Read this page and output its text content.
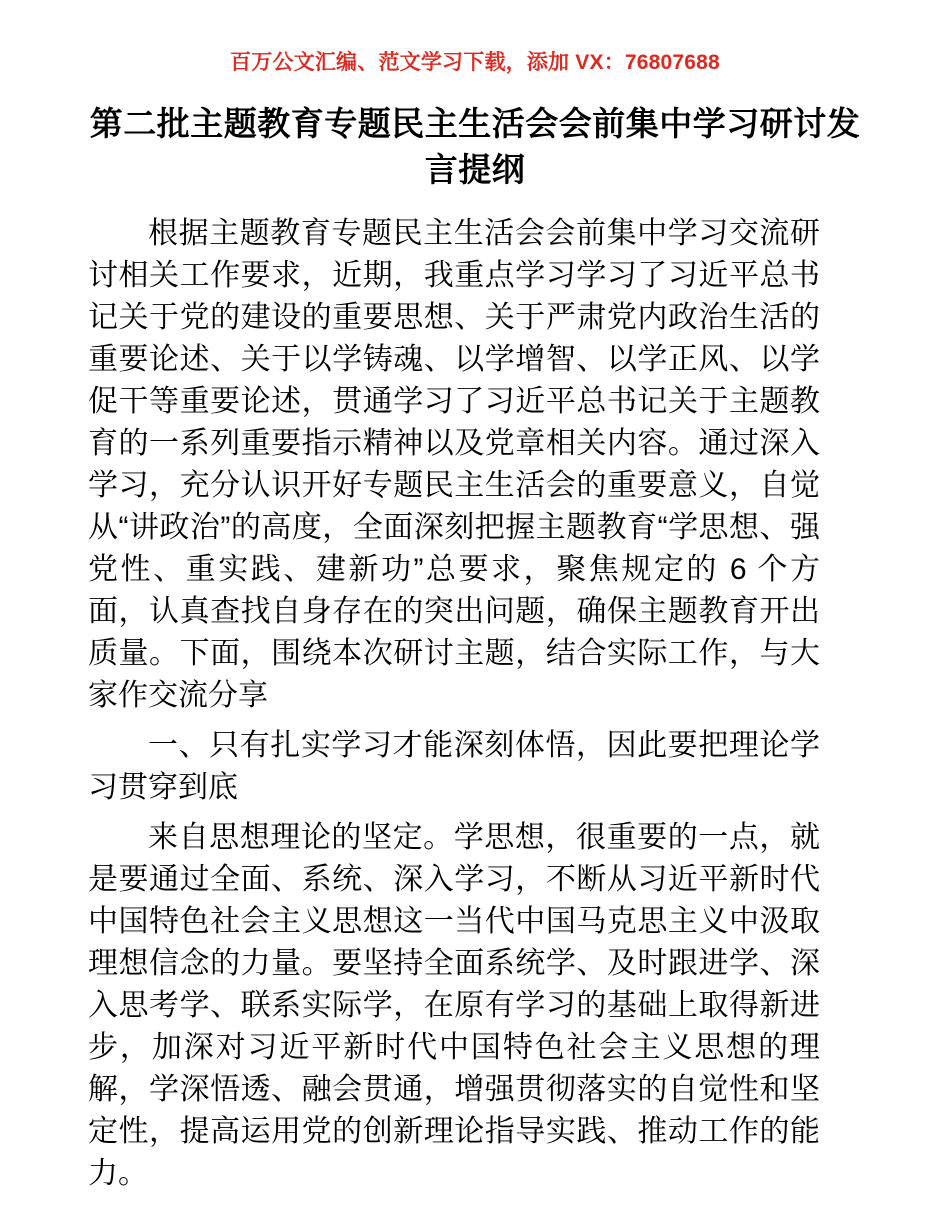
百万公文汇编、范文学习下载，添加 VX：76807688
第二批主题教育专题民主生活会会前集中学习研讨发言提纲

根据主题教育专题民主生活会会前集中学习交流研讨相关工作要求，近期，我重点学习学习了习近平总书记关于党的建设的重要思想、关于严肃党内政治生活的重要论述、关于以学铸魂、以学增智、以学正风、以学促干等重要论述，贯通学习了习近平总书记关于主题教育的一系列重要指示精神以及党章相关内容。通过深入学习，充分认识开好专题民主生活会的重要意义，自觉从“讲政治”的高度，全面深刻把握主题教育“学思想、强党性、重实践、建新功”总要求，聚焦规定的 6 个方面，认真查找自身存在的突出问题，确保主题教育开出质量。下面，围绕本次研讨主题，结合实际工作，与大家作交流分享

一、只有扎实学习才能深刻体悟，因此要把理论学习贯穿到底

来自思想理论的坚定。学思想，很重要的一点，就是要通过全面、系统、深入学习，不断从习近平新时代中国特色社会主义思想这一当代中国马克思主义中汲取理想信念的力量。要坚持全面系统学、及时跟进学、深入思考学、联系实际学，在原有学习的基础上取得新进步，加深对习近平新时代中国特色社会主义思想的理解，学深悟透、融会贯通，增强贯彻落实的自觉性和坚定性，提高运用党的创新理论指导实践、推动工作的能力。
